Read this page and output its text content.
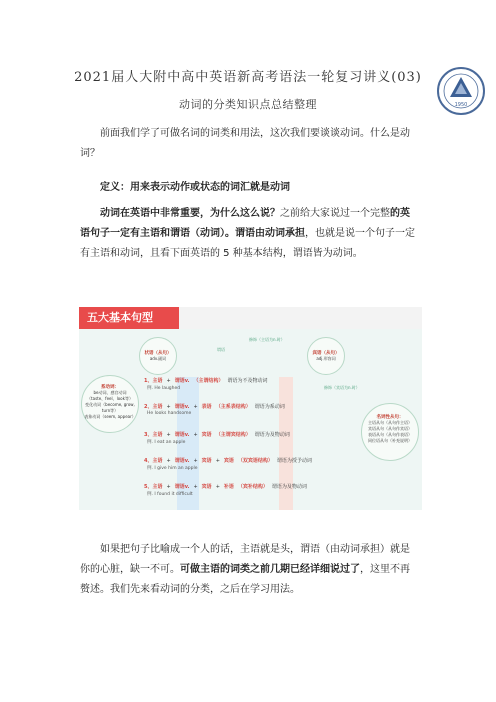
2021届人大附中高中英语新高考语法一轮复习讲义(03)
动词的分类知识点总结整理	1950
前面我们学了可做名词的词类和用法，这次我们要谈谈动词。什么是动词？
定义：用来表示动作或状态的词汇就是动词
动词在英语中非常重要，为什么这么说？之前给大家说过一个完整的英语句子一定有主语和谓语（动词）。谓语由动词承担，也就是说一个句子一定有主语和动词，且看下面英语的 5 种基本结构，谓语皆为动词。
五大基本句型
状语（从句）
adv.副词
宾语（从句）
adj.形容词
谓语
修饰（主语为n.时）
修饰（宾语为n.时）
系动词：
be动词、感官动词
（taste、feel、look等）
变化动词（become, grow,
turn等）
表象动词（seem, appear）	名词性从句：
主语从句（从句作主语）
宾语从句（从句作宾语）
表语从句（从句作表语）
同位语从句（补充说明）
1、主语 + 谓语v. （主谓结构） 谓语为不及物动词
例. He laughed
2、主语 + 谓语v. + 表语 （主系表结构） 谓语为系动词
He looks handsome
3、主语 + 谓语v. + 宾语 （主谓宾结构） 谓语为及物动词
例. I eat an apple
4、主语 + 谓语v. + 宾语 + 宾语 （双宾语结构） 谓语为授予动词
例. I give him an apple
5、主语 + 谓语v. + 宾语 + 补语 （宾补结构） 谓语为及物动词
例. I found it difficult
如果把句子比喻成一个人的话，主语就是头，谓语（由动词承担）就是你的心脏，缺一不可。可做主语的词类之前几期已经详细说过了，这里不再赘述。我们先来看动词的分类，之后在学习用法。
